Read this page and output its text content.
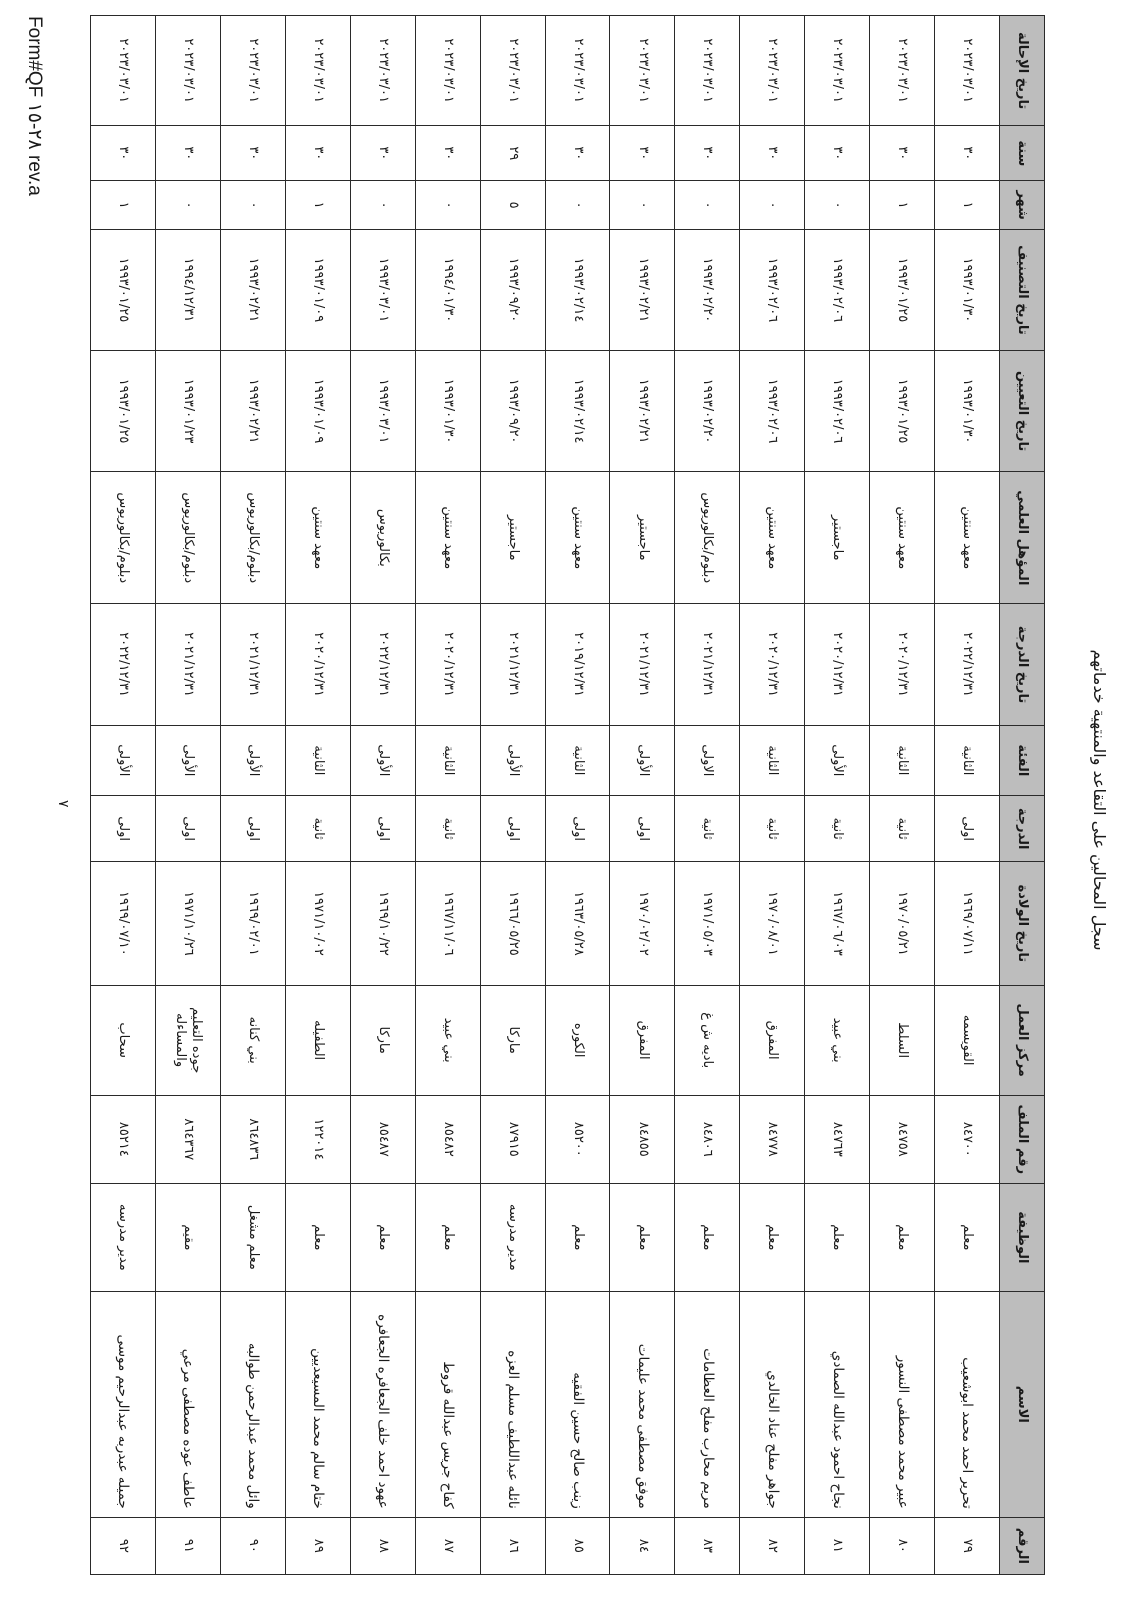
سجل المحالين على التقاعد والمنتهية خدماتهم
الرقم	الاسم	الوظيفة	رقم الملف	مركز العمل	تاريخ الولادة	الدرجة	الفئة	تاريخ الدرجة	المؤهل العلمي	تاريخ التعيين	تاريخ التصنيف	شهر	سنة	تاريخ الإحالة
٧٩	تحرير احمد محمد ابوشعيب	معلم	٨٤٧٠٠	القويسمه	١٩٦٩/٠٧/١١	اولى	الثانية	٢٠٢٢/١٢/٣١	معهد سنتين	١٩٩٣/٠١/٣٠	١٩٩٣/٠١/٣٠	١	٣٠	٢٠٢٣/٠٣/٠١
٨٠	عبير محمد مصطفى النسور	معلم	٨٤٧٥٨	السلط	١٩٧٠/٠٥/٢١	ثانية	الثانية	٢٠٢٠/١٢/٣١	معهد سنتين	١٩٩٣/٠١/٢٥	١٩٩٣/٠١/٢٥	١	٣٠	٢٠٢٣/٠٣/٠١
٨١	نجاح احمود عبدالله الصمادي	معلم	٨٤٧٦٣	بني عبيد	١٩٦٧/٠٦/٠٣	ثانية	الأولى	٢٠٢٠/١٢/٣١	ماجستير	١٩٩٣/٠٢/٠٦	١٩٩٣/٠٢/٠٦	٠	٣٠	٢٠٢٣/٠٣/٠١
٨٢	جواهر مفلح عناد الخالدي	معلم	٨٤٧٧٨	المفرق	١٩٧٠/٠٨/٠١	ثانية	الثانية	٢٠٢٠/١٢/٣١	معهد سنتين	١٩٩٣/٠٢/٠٦	١٩٩٣/٠٢/٠٦	٠	٣٠	٢٠٢٣/٠٣/٠١
٨٣	مريم محارب مفلح العظامات	معلم	٨٤٨٠٦	باديه ش غ	١٩٧١/٠٥/٠٣	ثانية	الاولى	٢٠٢١/١٢/٣١	دبلوم/بكالوريوس	١٩٩٣/٠٢/٢٠	١٩٩٣/٠٢/٢٠	٠	٣٠	٢٠٢٣/٠٣/٠١
٨٤	موفق مصطفى محمد عليمات	معلم	٨٤٨٥٥	المفرق	١٩٧٠/٠٢/٠٢	اولى	الأولى	٢٠٢١/١٢/٣١	ماجستير	١٩٩٣/٠٢/٢١	١٩٩٣/٠٢/٢١	٠	٣٠	٢٠٢٣/٠٣/٠١
٨٥	زينب صالح حسين الفقيه	معلم	٨٥٢٠٠	الكوره	١٩٦٣/٠٥/٢٨	اولى	الثانية	٢٠١٩/١٢/٣١	معهد سنتين	١٩٩٣/٠٢/١٤	١٩٩٣/٠٢/١٤	٠	٣٠	٢٠٢٣/٠٣/٠١
٨٦	نائله عبداللطيف مسلم العزه	مدير مدرسه	٨٧٩١٥	ماركا	١٩٦٦/٠٥/٢٥	اولى	الأولى	٢٠٢١/١٢/٣١	ماجستير	١٩٩٣/٠٩/٢٠	١٩٩٣/٠٩/٢٠	٥	٢٩	٢٠٢٣/٠٣/٠١
٨٧	كفاح جريس عبدالله قروط	معلم	٨٥٤٨٢	بني عبيد	١٩٦٧/١١/٠٦	ثانية	الثانية	٢٠٢٠/١٢/٣١	معهد سنتين	١٩٩٣/٠١/٣٠	١٩٩٤/٠١/٣٠	٠	٣٠	٢٠٢٣/٠٣/٠١
٨٨	عهود احمد خلف الجعافره الجعافره	معلم	٨٥٤٨٧	ماركا	١٩٦٩/١٠/٢٢	اولى	الأولى	٢٠٢٢/١٢/٣١	بكالوريوس	١٩٩٣/٠٣/٠١	١٩٩٣/٠٣/٠١	٠	٣٠	٢٠٢٣/٠٣/٠١
٨٩	ختام سالم محمد المسيعديين	معلم	١٢٢٠١٤	الطفيله	١٩٧١/١٠/٠٢	ثانية	الثانية	٢٠٢٠/١٢/٣١	معهد سنتين	١٩٩٣/٠١/٠٩	١٩٩٣/٠١/٠٩	١	٣٠	٢٠٢٣/٠٣/٠١
٩٠	وائل محمد عبدالرحمن طوالبه	معلم مشغل	٨٦٤٨٣٦	بني كنانه	١٩٦٩/٠٢/٠١	اولى	الأولى	٢٠٢١/١٢/٣١	دبلوم/بكالوريوس	١٩٩٣/٠٢/٢١	١٩٩٣/٠٢/٢١	٠	٣٠	٢٠٢٣/٠٣/٠١
٩١	عاطف عوده مصطفى مرعي	مقيم	٨٦٤٣٦٧	جوده التعليم والمساءله	١٩٧١/١٠/٢٦	اولى	الأولى	٢٠٢١/١٢/٣١	دبلوم/بكالوريوس	١٩٩٣/٠١/٢٣	١٩٩٤/١٢/٣١	٠	٣٠	٢٠٢٣/٠٣/٠١
٩٢	جميله عبدربه عبدالرحيم موسى	مدير مدرسه	٨٥٢١٤	سحاب	١٩٦٩/٠٧/١٠	اولى	الأولى	٢٠٢٢/١٢/٣١	دبلوم/بكالوريوس	١٩٩٣/٠١/٢٥	١٩٩٣/٠١/٢٥	١	٣٠	٢٠٢٣/٠٣/٠١
٧
Form#QF ٢٨-١٥ rev.a
